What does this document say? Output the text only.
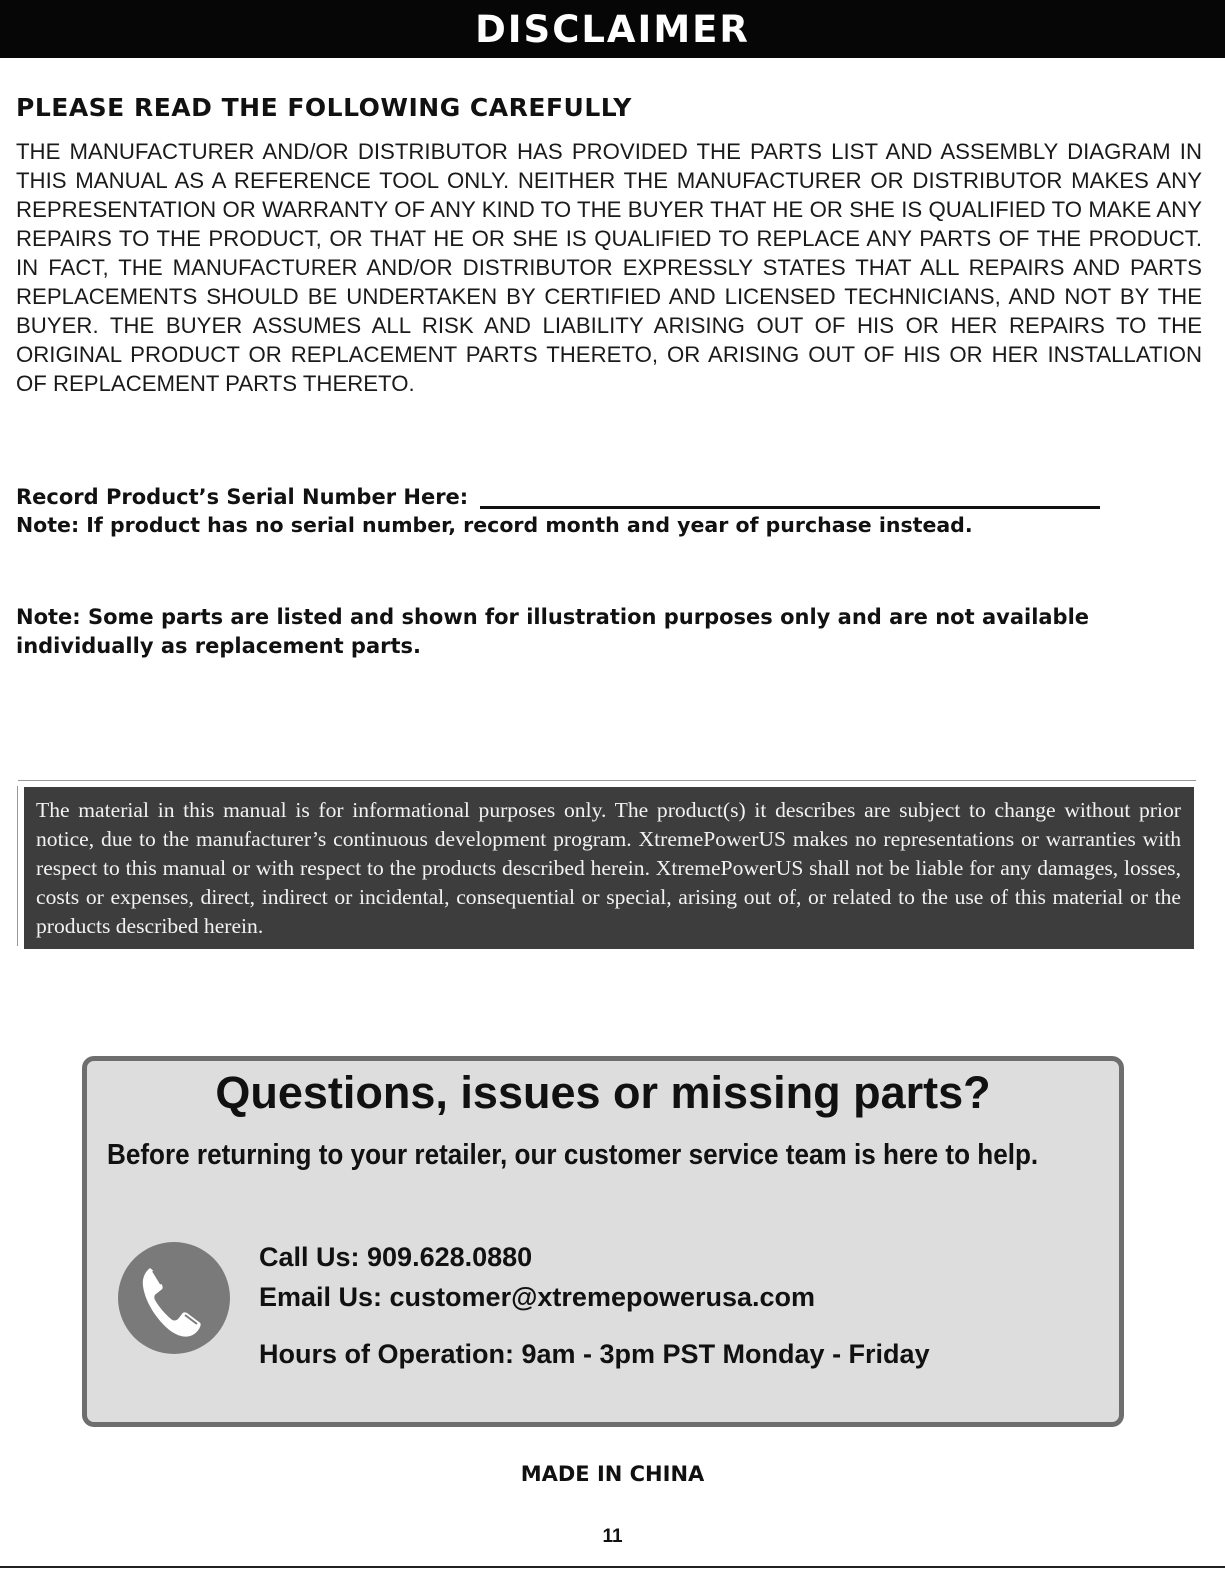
DISCLAIMER
PLEASE READ THE FOLLOWING CAREFULLY
THE MANUFACTURER AND/OR DISTRIBUTOR HAS PROVIDED THE PARTS LIST AND ASSEMBLY DIAGRAM IN THIS MANUAL AS A REFERENCE TOOL ONLY. NEITHER THE MANUFACTURER OR DISTRIBUTOR MAKES ANY REPRESENTATION OR WARRANTY OF ANY KIND TO THE BUYER THAT HE OR SHE IS QUALIFIED TO MAKE ANY REPAIRS TO THE PRODUCT, OR THAT HE OR SHE IS QUALIFIED TO REPLACE ANY PARTS OF THE PRODUCT. IN FACT, THE MANUFACTURER AND/OR DISTRIBUTOR EXPRESSLY STATES THAT ALL REPAIRS AND PARTS REPLACEMENTS SHOULD BE UNDERTAKEN BY CERTIFIED AND LICENSED TECHNICIANS, AND NOT BY THE BUYER. THE BUYER ASSUMES ALL RISK AND LIABILITY ARISING OUT OF HIS OR HER REPAIRS TO THE ORIGINAL PRODUCT OR REPLACEMENT PARTS THERETO, OR ARISING OUT OF HIS OR HER INSTALLATION OF REPLACEMENT PARTS THERETO.
Record Product’s Serial Number Here:
Note: If product has no serial number, record month and year of purchase instead.
Note: Some parts are listed and shown for illustration purposes only and are not available individually as replacement parts.

The material in this manual is for informational purposes only. The product(s) it describes are subject to change without prior notice, due to the manufacturer’s continuous development program. XtremePowerUS makes no representations or warranties with respect to this manual or with respect to the products described herein. XtremePowerUS shall not be liable for any damages, losses, costs or expenses, direct, indirect or incidental, consequential or special, arising out of, or related to the use of this material or the products described herein.

Questions, issues or missing parts?
Before returning to your retailer, our customer service team is here to help.
Call Us: 909.628.0880
Email Us: customer@xtremepowerusa.com
Hours of Operation: 9am - 3pm PST Monday - Friday
MADE IN CHINA
11
